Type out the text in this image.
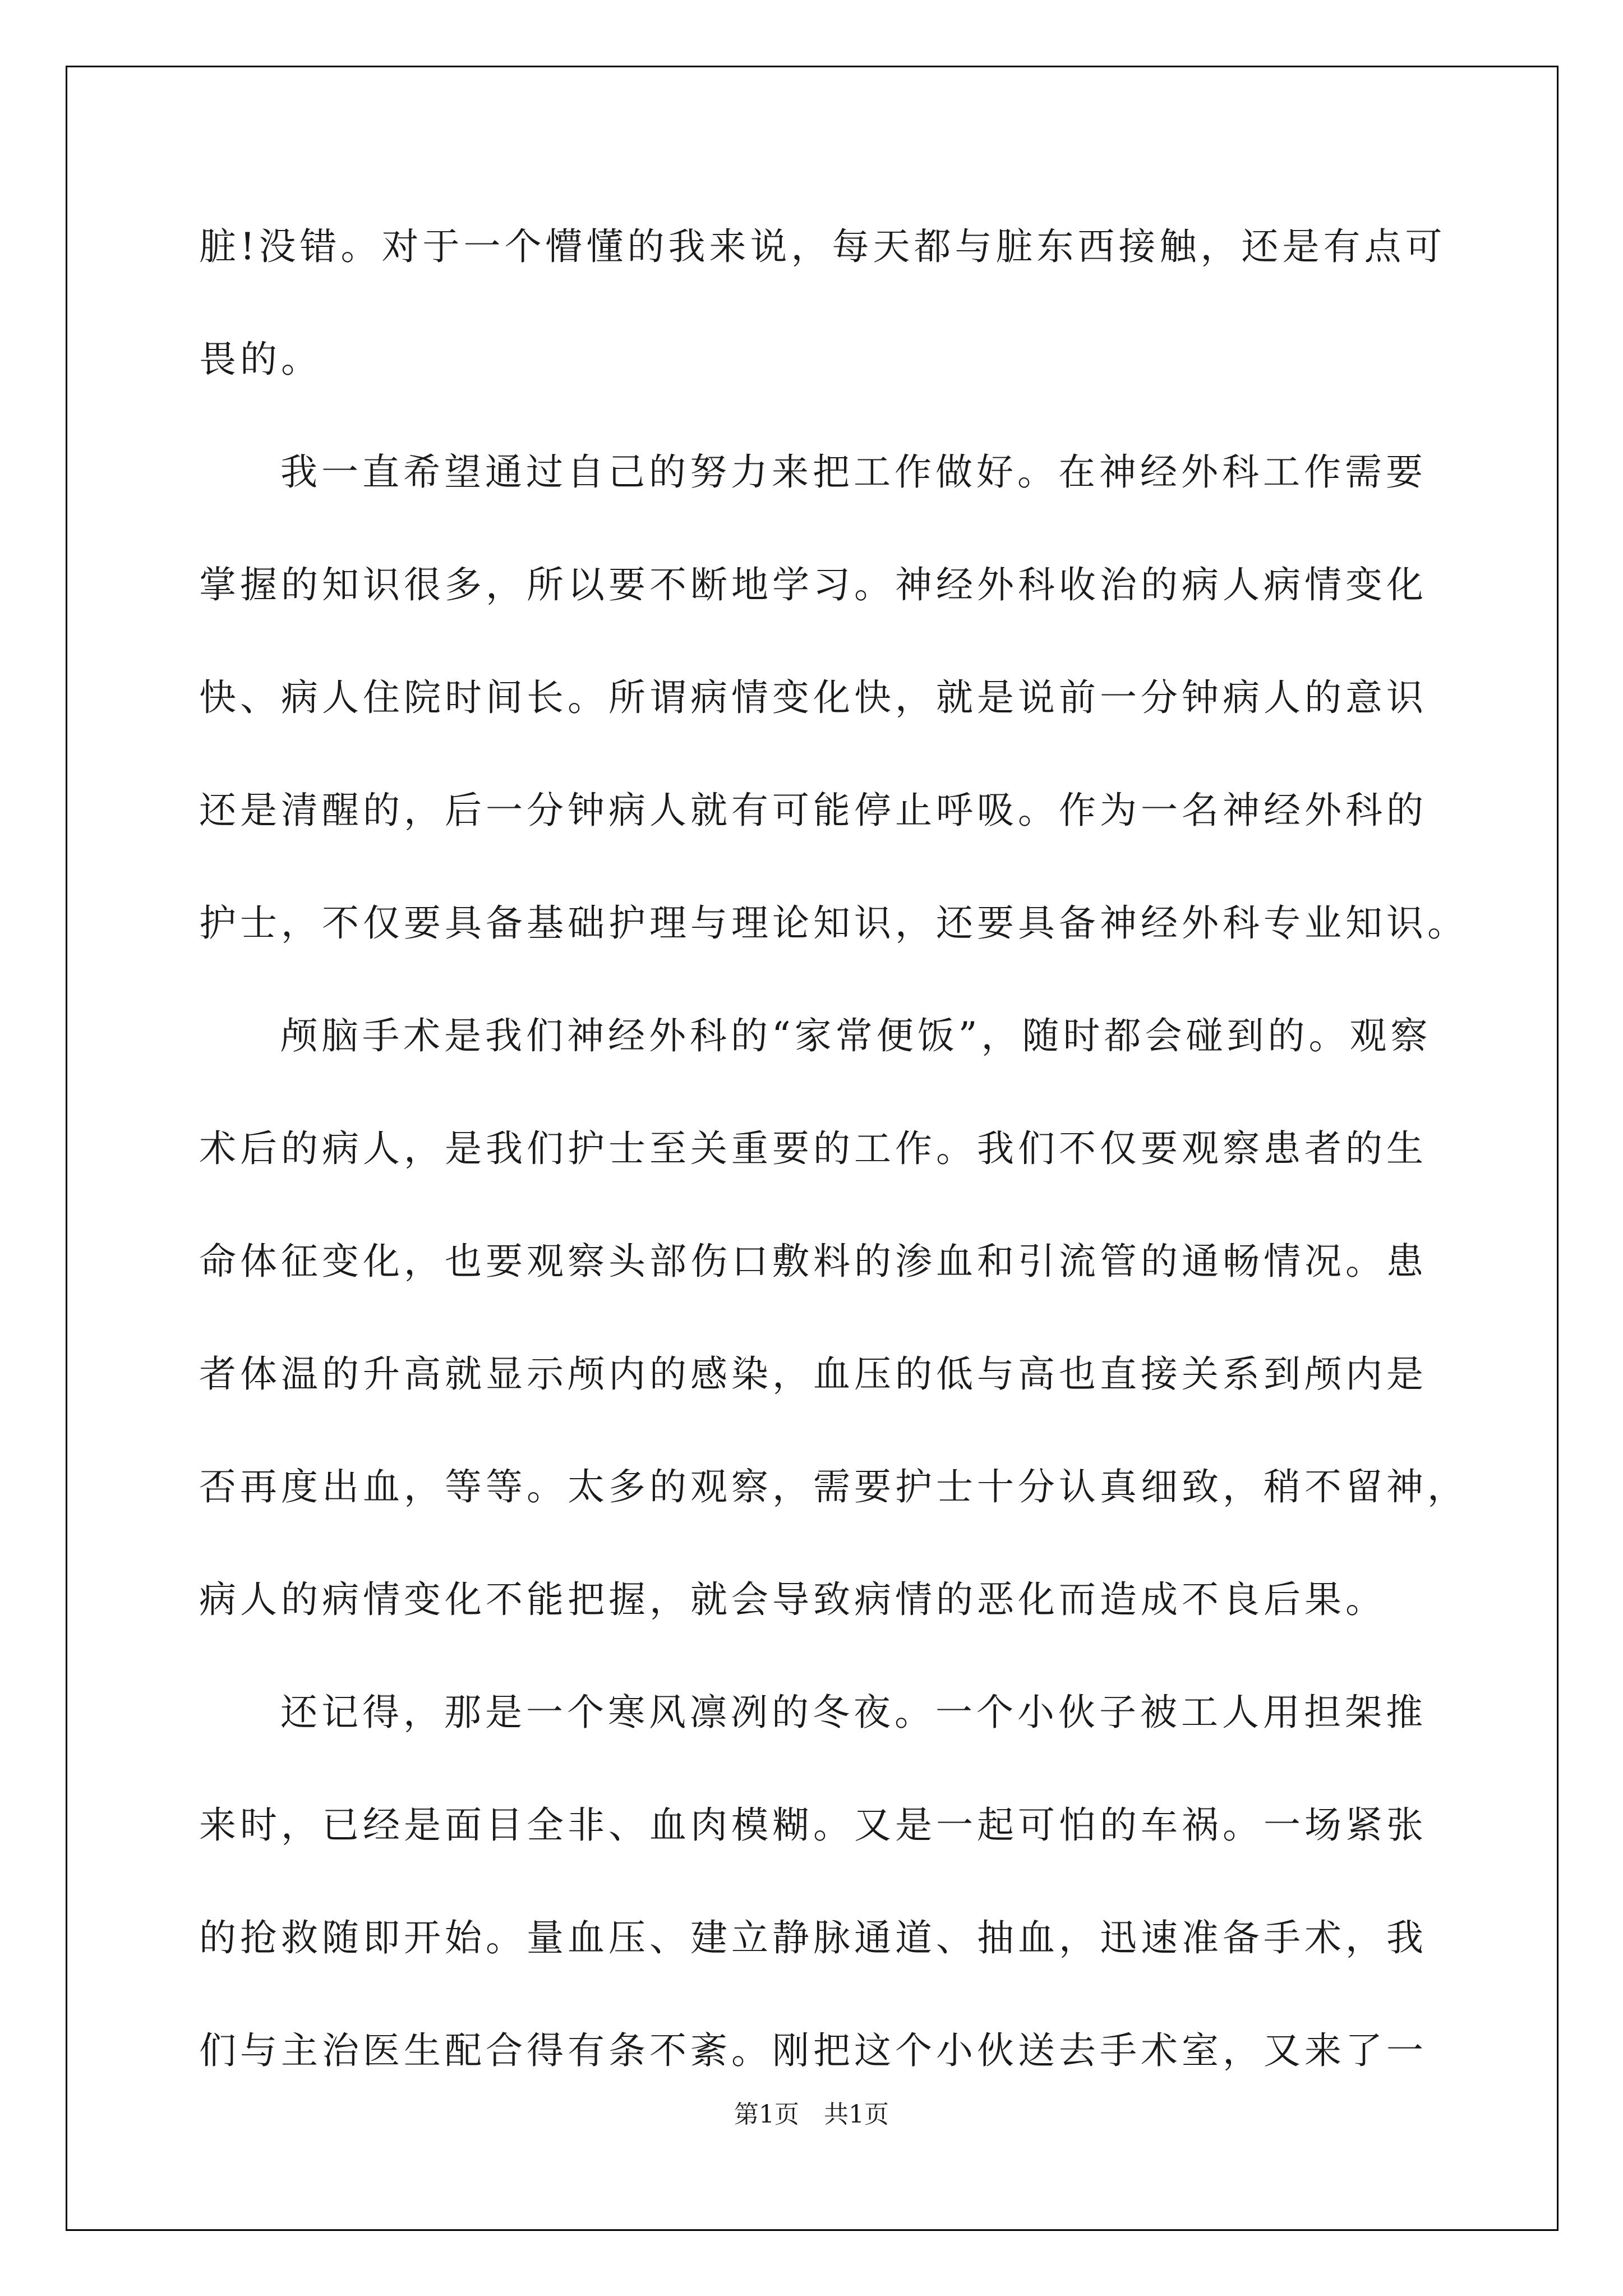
脏!没错。对于一个懵懂的我来说，每天都与脏东西接触，还是有点可
畏的。
我一直希望通过自己的努力来把工作做好。在神经外科工作需要
掌握的知识很多，所以要不断地学习。神经外科收治的病人病情变化
快、病人住院时间长。所谓病情变化快，就是说前一分钟病人的意识
还是清醒的，后一分钟病人就有可能停止呼吸。作为一名神经外科的
护士，不仅要具备基础护理与理论知识，还要具备神经外科专业知识。
颅脑手术是我们神经外科的“家常便饭”，随时都会碰到的。观察
术后的病人，是我们护士至关重要的工作。我们不仅要观察患者的生
命体征变化，也要观察头部伤口敷料的渗血和引流管的通畅情况。患
者体温的升高就显示颅内的感染，血压的低与高也直接关系到颅内是
否再度出血，等等。太多的观察，需要护士十分认真细致，稍不留神，
病人的病情变化不能把握，就会导致病情的恶化而造成不良后果。
还记得，那是一个寒风凛冽的冬夜。一个小伙子被工人用担架推
来时，已经是面目全非、血肉模糊。又是一起可怕的车祸。一场紧张
的抢救随即开始。量血压、建立静脉通道、抽血，迅速准备手术，我
们与主治医生配合得有条不紊。刚把这个小伙送去手术室，又来了一
第1页 共1页
